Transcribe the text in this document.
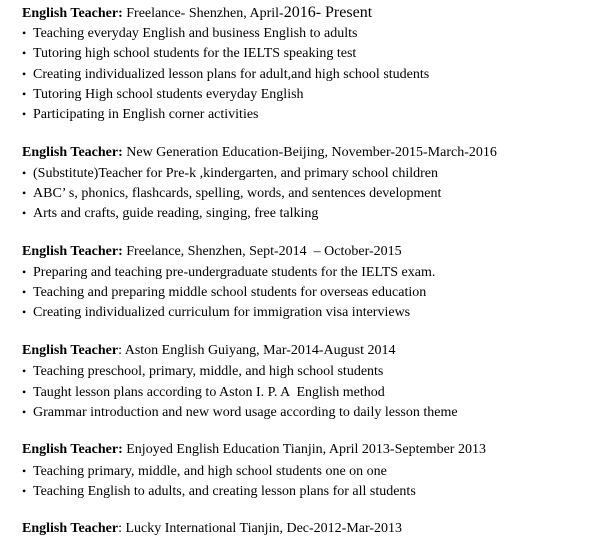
English Teacher: Freelance- Shenzhen, April-2016- Present
• Teaching everyday English and business English to adults
• Tutoring high school students for the IELTS speaking test
• Creating individualized lesson plans for adult,and high school students
• Tutoring High school students everyday English
• Participating in English corner activities
English Teacher: New Generation Education-Beijing, November-2015-March-2016
• (Substitute)Teacher for Pre-k ,kindergarten, and primary school children
• ABC’ s, phonics, flashcards, spelling, words, and sentences development
• Arts and crafts, guide reading, singing, free talking
English Teacher: Freelance, Shenzhen, Sept-2014  – October-2015
• Preparing and teaching pre-undergraduate students for the IELTS exam.
• Teaching and preparing middle school students for overseas education
• Creating individualized curriculum for immigration visa interviews
English Teacher: Aston English Guiyang, Mar-2014-August 2014
• Teaching preschool, primary, middle, and high school students
• Taught lesson plans according to Aston I. P. A  English method
• Grammar introduction and new word usage according to daily lesson theme
English Teacher: Enjoyed English Education Tianjin, April 2013-September 2013
• Teaching primary, middle, and high school students one on one
• Teaching English to adults, and creating lesson plans for all students
English Teacher: Lucky International Tianjin, Dec-2012-Mar-2013
